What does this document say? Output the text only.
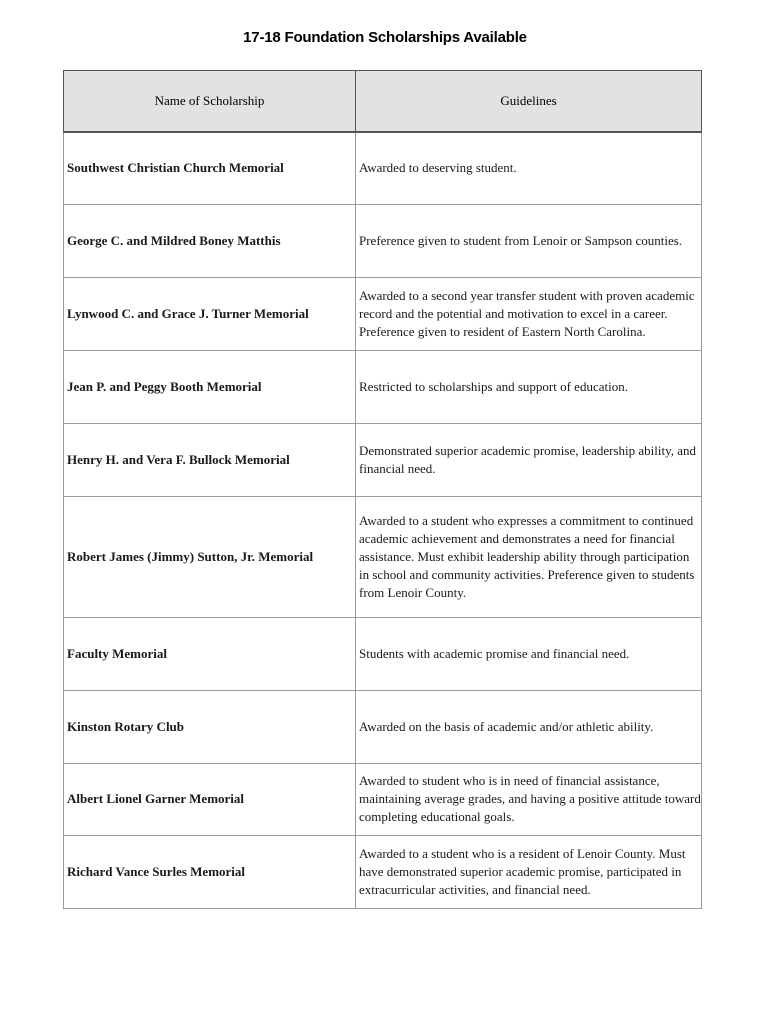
17-18 Foundation Scholarships Available
Name of Scholarship	Guidelines
Southwest Christian Church Memorial	Awarded to deserving student.
George C. and Mildred Boney Matthis	Preference given to student from Lenoir or Sampson counties.
Lynwood C. and Grace J. Turner Memorial	Awarded to a second year transfer student with proven academic record and the potential and motivation to excel in a career. Preference given to resident of Eastern North Carolina.
Jean P. and Peggy Booth Memorial	Restricted to scholarships and support of education.
Henry H. and Vera F. Bullock Memorial	Demonstrated superior academic promise, leadership ability, and financial need.
Robert James (Jimmy) Sutton, Jr. Memorial	Awarded to a student who expresses a commitment to continued academic achievement and demonstrates a need for financial assistance. Must exhibit leadership ability through participation in school and community activities. Preference given to students from Lenoir County.
Faculty Memorial	Students with academic promise and financial need.
Kinston Rotary Club	Awarded on the basis of academic and/or athletic ability.
Albert Lionel Garner Memorial	Awarded to student who is in need of financial assistance, maintaining average grades, and having a positive attitude toward completing educational goals.
Richard Vance Surles Memorial	Awarded to a student who is a resident of Lenoir County. Must have demonstrated superior academic promise, participated in extracurricular activities, and financial need.
